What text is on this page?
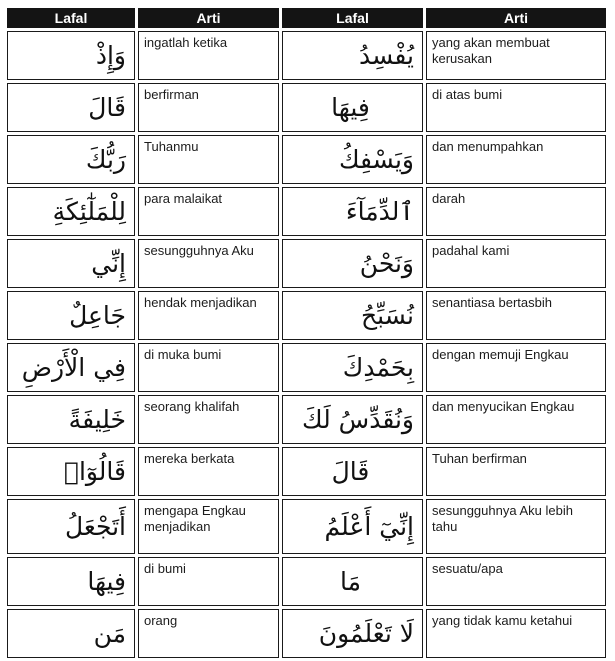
Lafal	Arti	Lafal	Arti
وَإِذْ	ingatlah ketika	يُفْسِدُ	yang akan membuat kerusakan
قَالَ	berfirman	فِيهَا	di atas bumi
رَبُّكَ	Tuhanmu	وَيَسْفِكُ	dan menumpahkan
لِلْمَلٰٓئِكَةِ	para malaikat	ٱلدِّمَآءَ	darah
إِنِّي	sesungguhnya Aku	وَنَحْنُ	padahal kami
جَاعِلٌ	hendak menjadikan	نُسَبِّحُ	senantiasa bertasbih
فِي الْأَرْضِ	di muka bumi	بِحَمْدِكَ	dengan memuji Engkau
خَلِيفَةً	seorang khalifah	وَنُقَدِّسُ لَكَ	dan menyucikan Engkau
قَالُوٓا۟	mereka berkata	قَالَ	Tuhan berfirman
أَتَجْعَلُ	mengapa Engkau menjadikan	إِنِّيٓ أَعْلَمُ	sesungguhnya Aku lebih tahu
فِيهَا	di bumi	مَا	sesuatu/apa
مَن	orang	لَا تَعْلَمُونَ	yang tidak kamu ketahui
